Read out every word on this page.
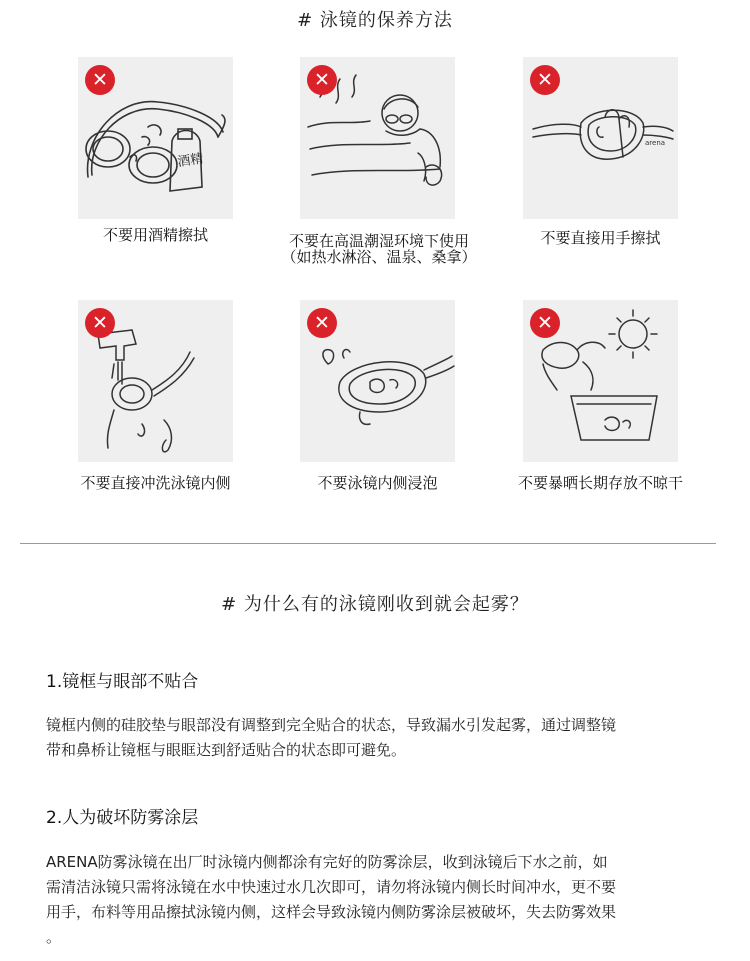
# 泳镜的保养方法
酒精
✕
不要用酒精擦拭
✕
不要在高温潮湿环境下使用
（如热水淋浴、温泉、桑拿）
arena
✕
不要直接用手擦拭
✕
不要直接冲洗泳镜内侧
✕
不要泳镜内侧浸泡
✕
不要暴晒长期存放不晾干
# 为什么有的泳镜刚收到就会起雾？
1.镜框与眼部不贴合
镜框内侧的硅胶垫与眼部没有调整到完全贴合的状态，导致漏水引发起雾，通过调整镜
带和鼻桥让镜框与眼眶达到舒适贴合的状态即可避免。
2.人为破坏防雾涂层
ARENA防雾泳镜在出厂时泳镜内侧都涂有完好的防雾涂层，收到泳镜后下水之前，如
需清洁泳镜只需将泳镜在水中快速过水几次即可，请勿将泳镜内侧长时间冲水，更不要
用手，布料等用品擦拭泳镜内侧，这样会导致泳镜内侧防雾涂层被破坏，失去防雾效果
。
